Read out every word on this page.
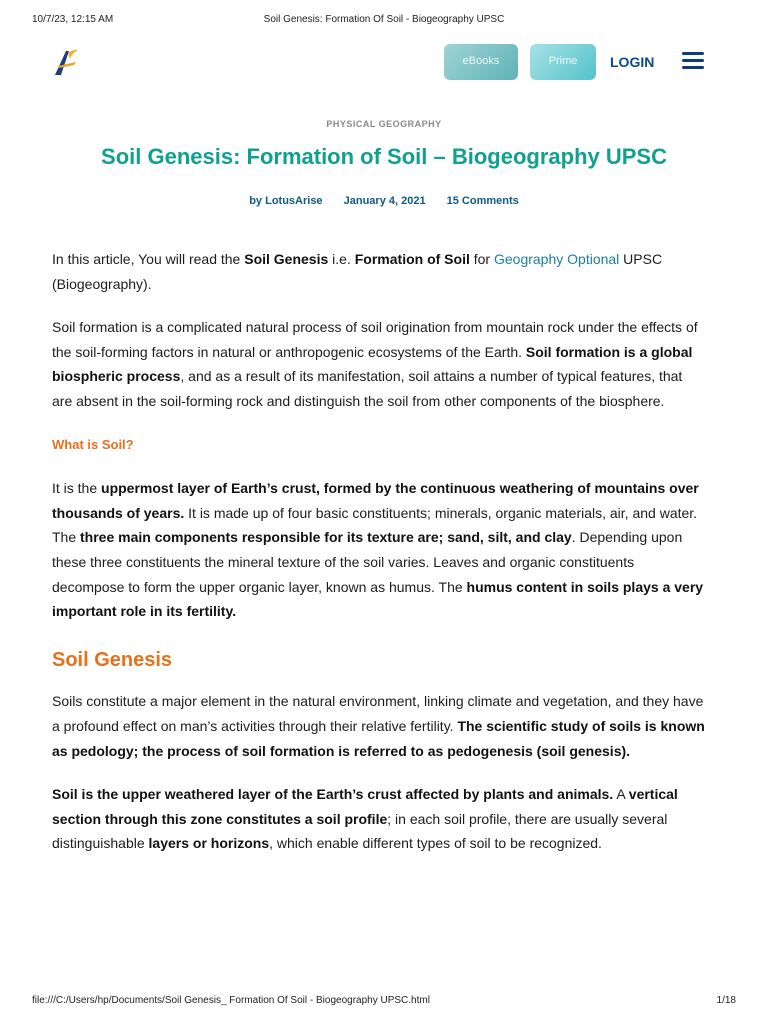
10/7/23, 12:15 AM	Soil Genesis: Formation Of Soil - Biogeography UPSC
eBooks	Prime	LOGIN
PHYSICAL GEOGRAPHY
Soil Genesis: Formation of Soil – Biogeography UPSC
by LotusArise January 4, 2021 15 Comments

In this article, You will read the Soil Genesis i.e. Formation of Soil for Geography Optional UPSC (Biogeography).

Soil formation is a complicated natural process of soil origination from mountain rock under the effects of the soil-forming factors in natural or anthropogenic ecosystems of the Earth. Soil formation is a global biospheric process, and as a result of its manifestation, soil attains a number of typical features, that are absent in the soil-forming rock and distinguish the soil from other components of the biosphere.

What is Soil?

It is the uppermost layer of Earth’s crust, formed by the continuous weathering of mountains over thousands of years. It is made up of four basic constituents; minerals, organic materials, air, and water. The three main components responsible for its texture are; sand, silt, and clay. Depending upon these three constituents the mineral texture of the soil varies. Leaves and organic constituents decompose to form the upper organic layer, known as humus. The humus content in soils plays a very important role in its fertility.

Soil Genesis

Soils constitute a major element in the natural environment, linking climate and vegetation, and they have a profound effect on man’s activities through their relative fertility. The scientific study of soils is known as pedology; the process of soil formation is referred to as pedogenesis (soil genesis).

Soil is the upper weathered layer of the Earth’s crust affected by plants and animals. A vertical section through this zone constitutes a soil profile; in each soil profile, there are usually several distinguishable layers or horizons, which enable different types of soil to be recognized.

file:///C:/Users/hp/Documents/Soil Genesis_ Formation Of Soil - Biogeography UPSC.html	1/18
